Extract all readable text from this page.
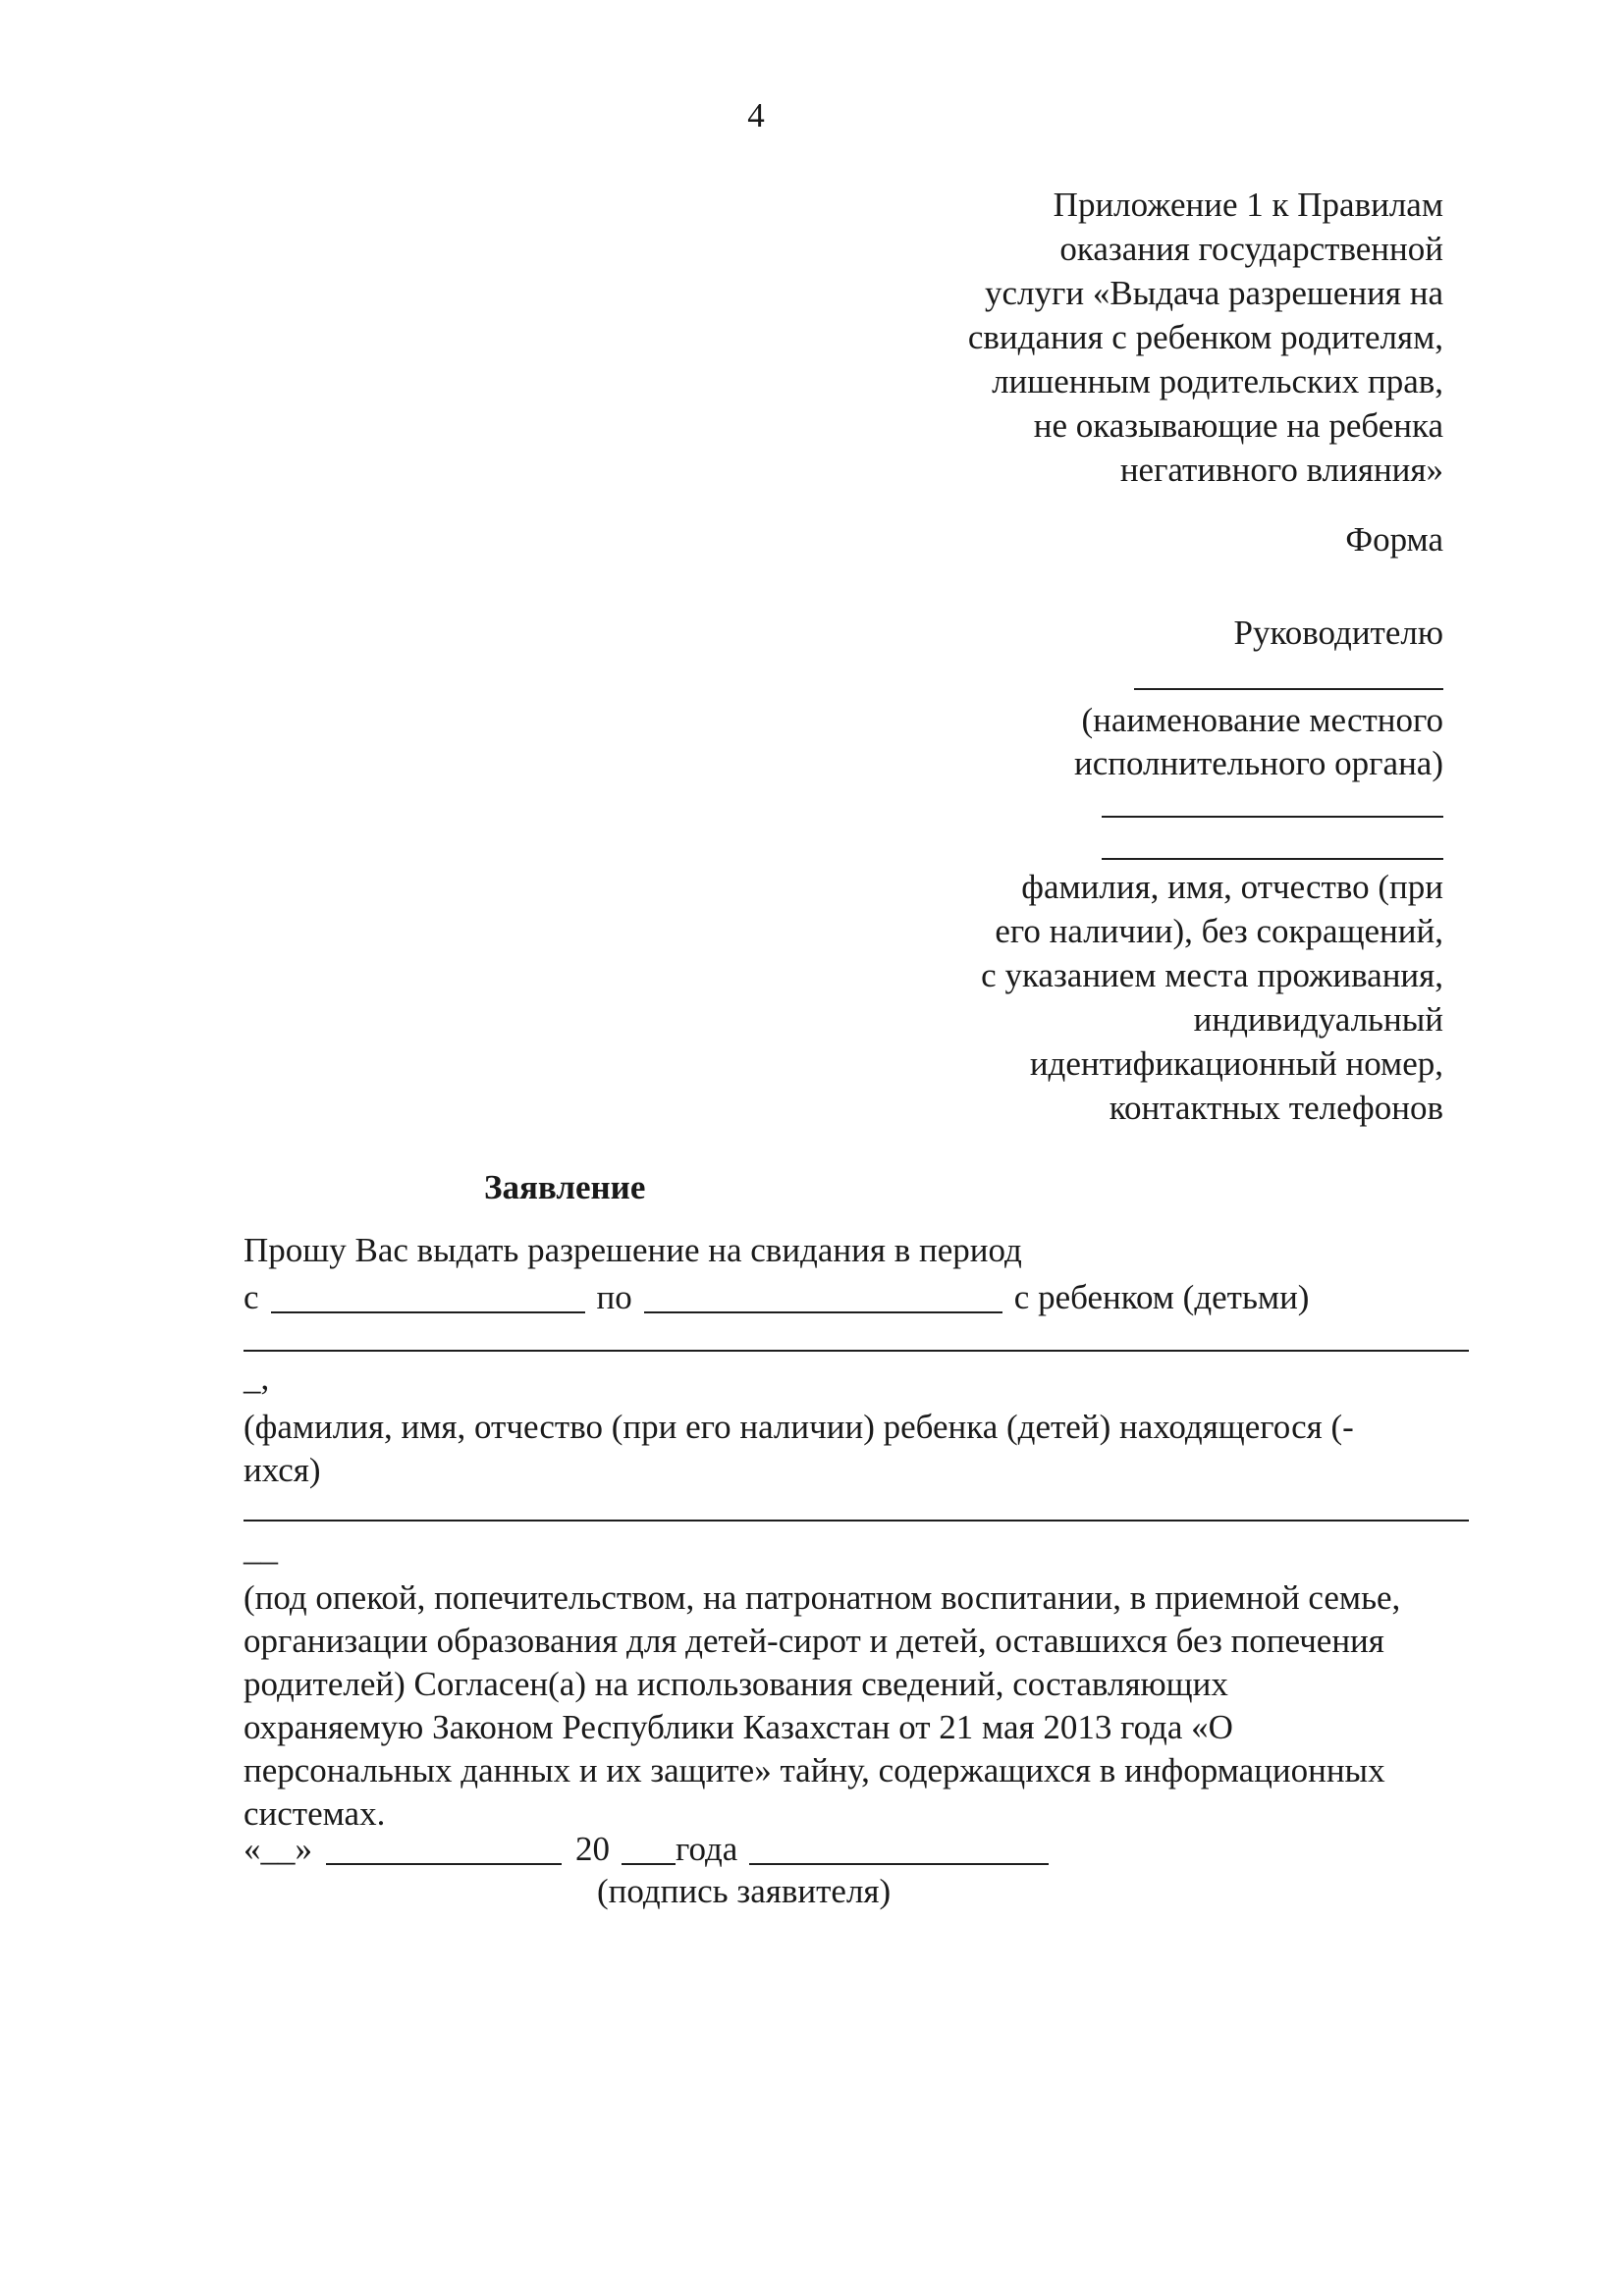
4
Приложение 1 к Правилам
оказания государственной
услуги «Выдача разрешения на
свидания с ребенком родителям,
лишенным родительских прав,
не оказывающие на ребенка
негативного влияния»
Форма
Руководителю
(наименование местного
исполнительного органа)
фамилия, имя, отчество (при
его наличии), без сокращений,
с указанием места проживания,
индивидуальный
идентификационный номер,
контактных телефонов
Заявление
Прошу Вас выдать разрешение на свидания в период
с	по	с ребенком (детьми)
_,
(фамилия, имя, отчество (при его наличии) ребенка (детей) находящегося (-
ихся)
__
(под опекой, попечительством, на патронатном воспитании, в приемной семье,
организации образования для детей-сирот и детей, оставшихся без попечения
родителей) Согласен(а) на использования сведений, составляющих
охраняемую Законом Республики Казахстан от 21 мая 2013 года «О
персональных данных и их защите» тайну, содержащихся в информационных
системах.
«__»	20 года
(подпись заявителя)
